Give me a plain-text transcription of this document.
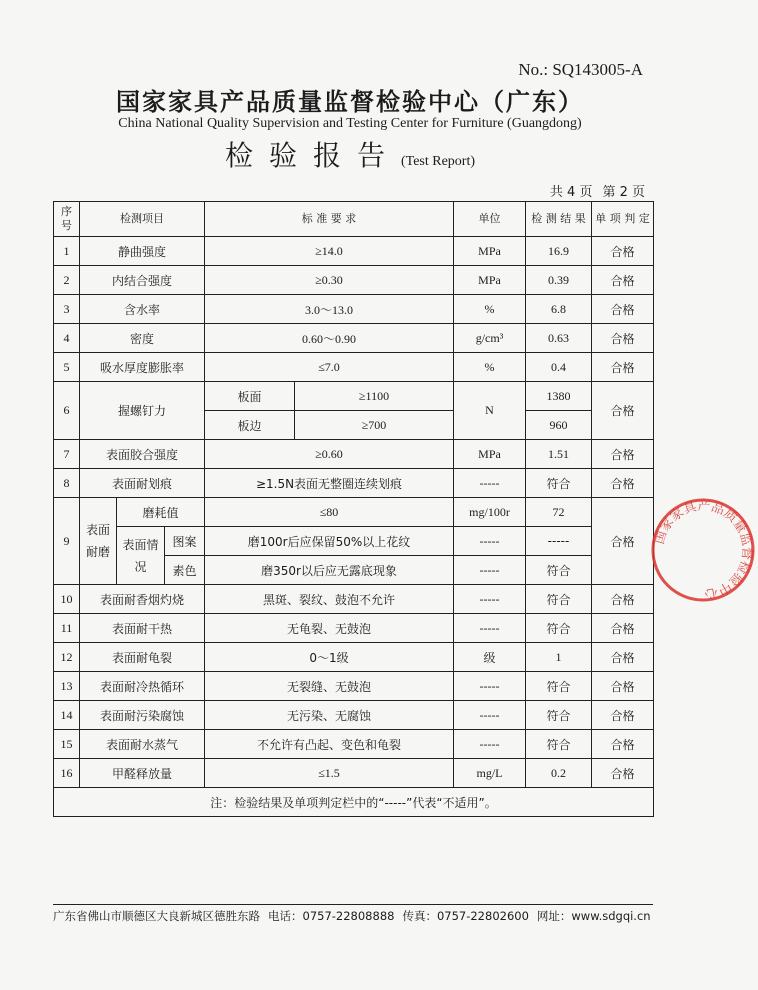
No.: SQ143005-A
国家家具产品质量监督检验中心（广东）
China National Quality Supervision and Testing Center for Furniture (Guangdong)
检验报告(Test Report)
共 4 页 第 2 页
序号	检测项目			标 准 要 求		单位	检 测 结 果	单 项 判 定
1	静曲强度			≥14.0		MPa	16.9	合格
2	内结合强度			≥0.30		MPa	0.39	合格
3	含水率			3.0～13.0		%	6.8	合格
4	密度			0.60～0.90		g/cm³	0.63	合格
5	吸水厚度膨胀率			≤7.0		%	0.4	合格
6	握螺钉力			板面	≥1100	N	1380	合格
				板边	≥700		960	
7	表面胶合强度			≥0.60		MPa	1.51	合格
8	表面耐划痕			≥1.5N表面无整圈连续划痕		-----	符合	合格
9	表面耐磨	磨耗值		≤80		mg/100r	72	合格
		表面情况	图案	磨100r后应保留50%以上花纹		-----	-----	
			素色	磨350r以后应无露底现象		-----	符合	
10	表面耐香烟灼烧			黑斑、裂纹、鼓泡不允许		-----	符合	合格
11	表面耐干热			无龟裂、无鼓泡		-----	符合	合格
12	表面耐龟裂			0～1级		级	1	合格
13	表面耐冷热循环			无裂缝、无鼓泡		-----	符合	合格
14	表面耐污染腐蚀			无污染、无腐蚀		-----	符合	合格
15	表面耐水蒸气			不允许有凸起、变色和龟裂		-----	符合	合格
16	甲醛释放量			≤1.5		mg/L	0.2	合格
注：检验结果及单项判定栏中的“-----”代表“不适用”。								
广东省佛山市顺德区大良新城区德胜东路 电话：0757-22808888 传真：0757-22802600 网址：www.sdgqi.cn
国家家具产品质量监督检验中心
